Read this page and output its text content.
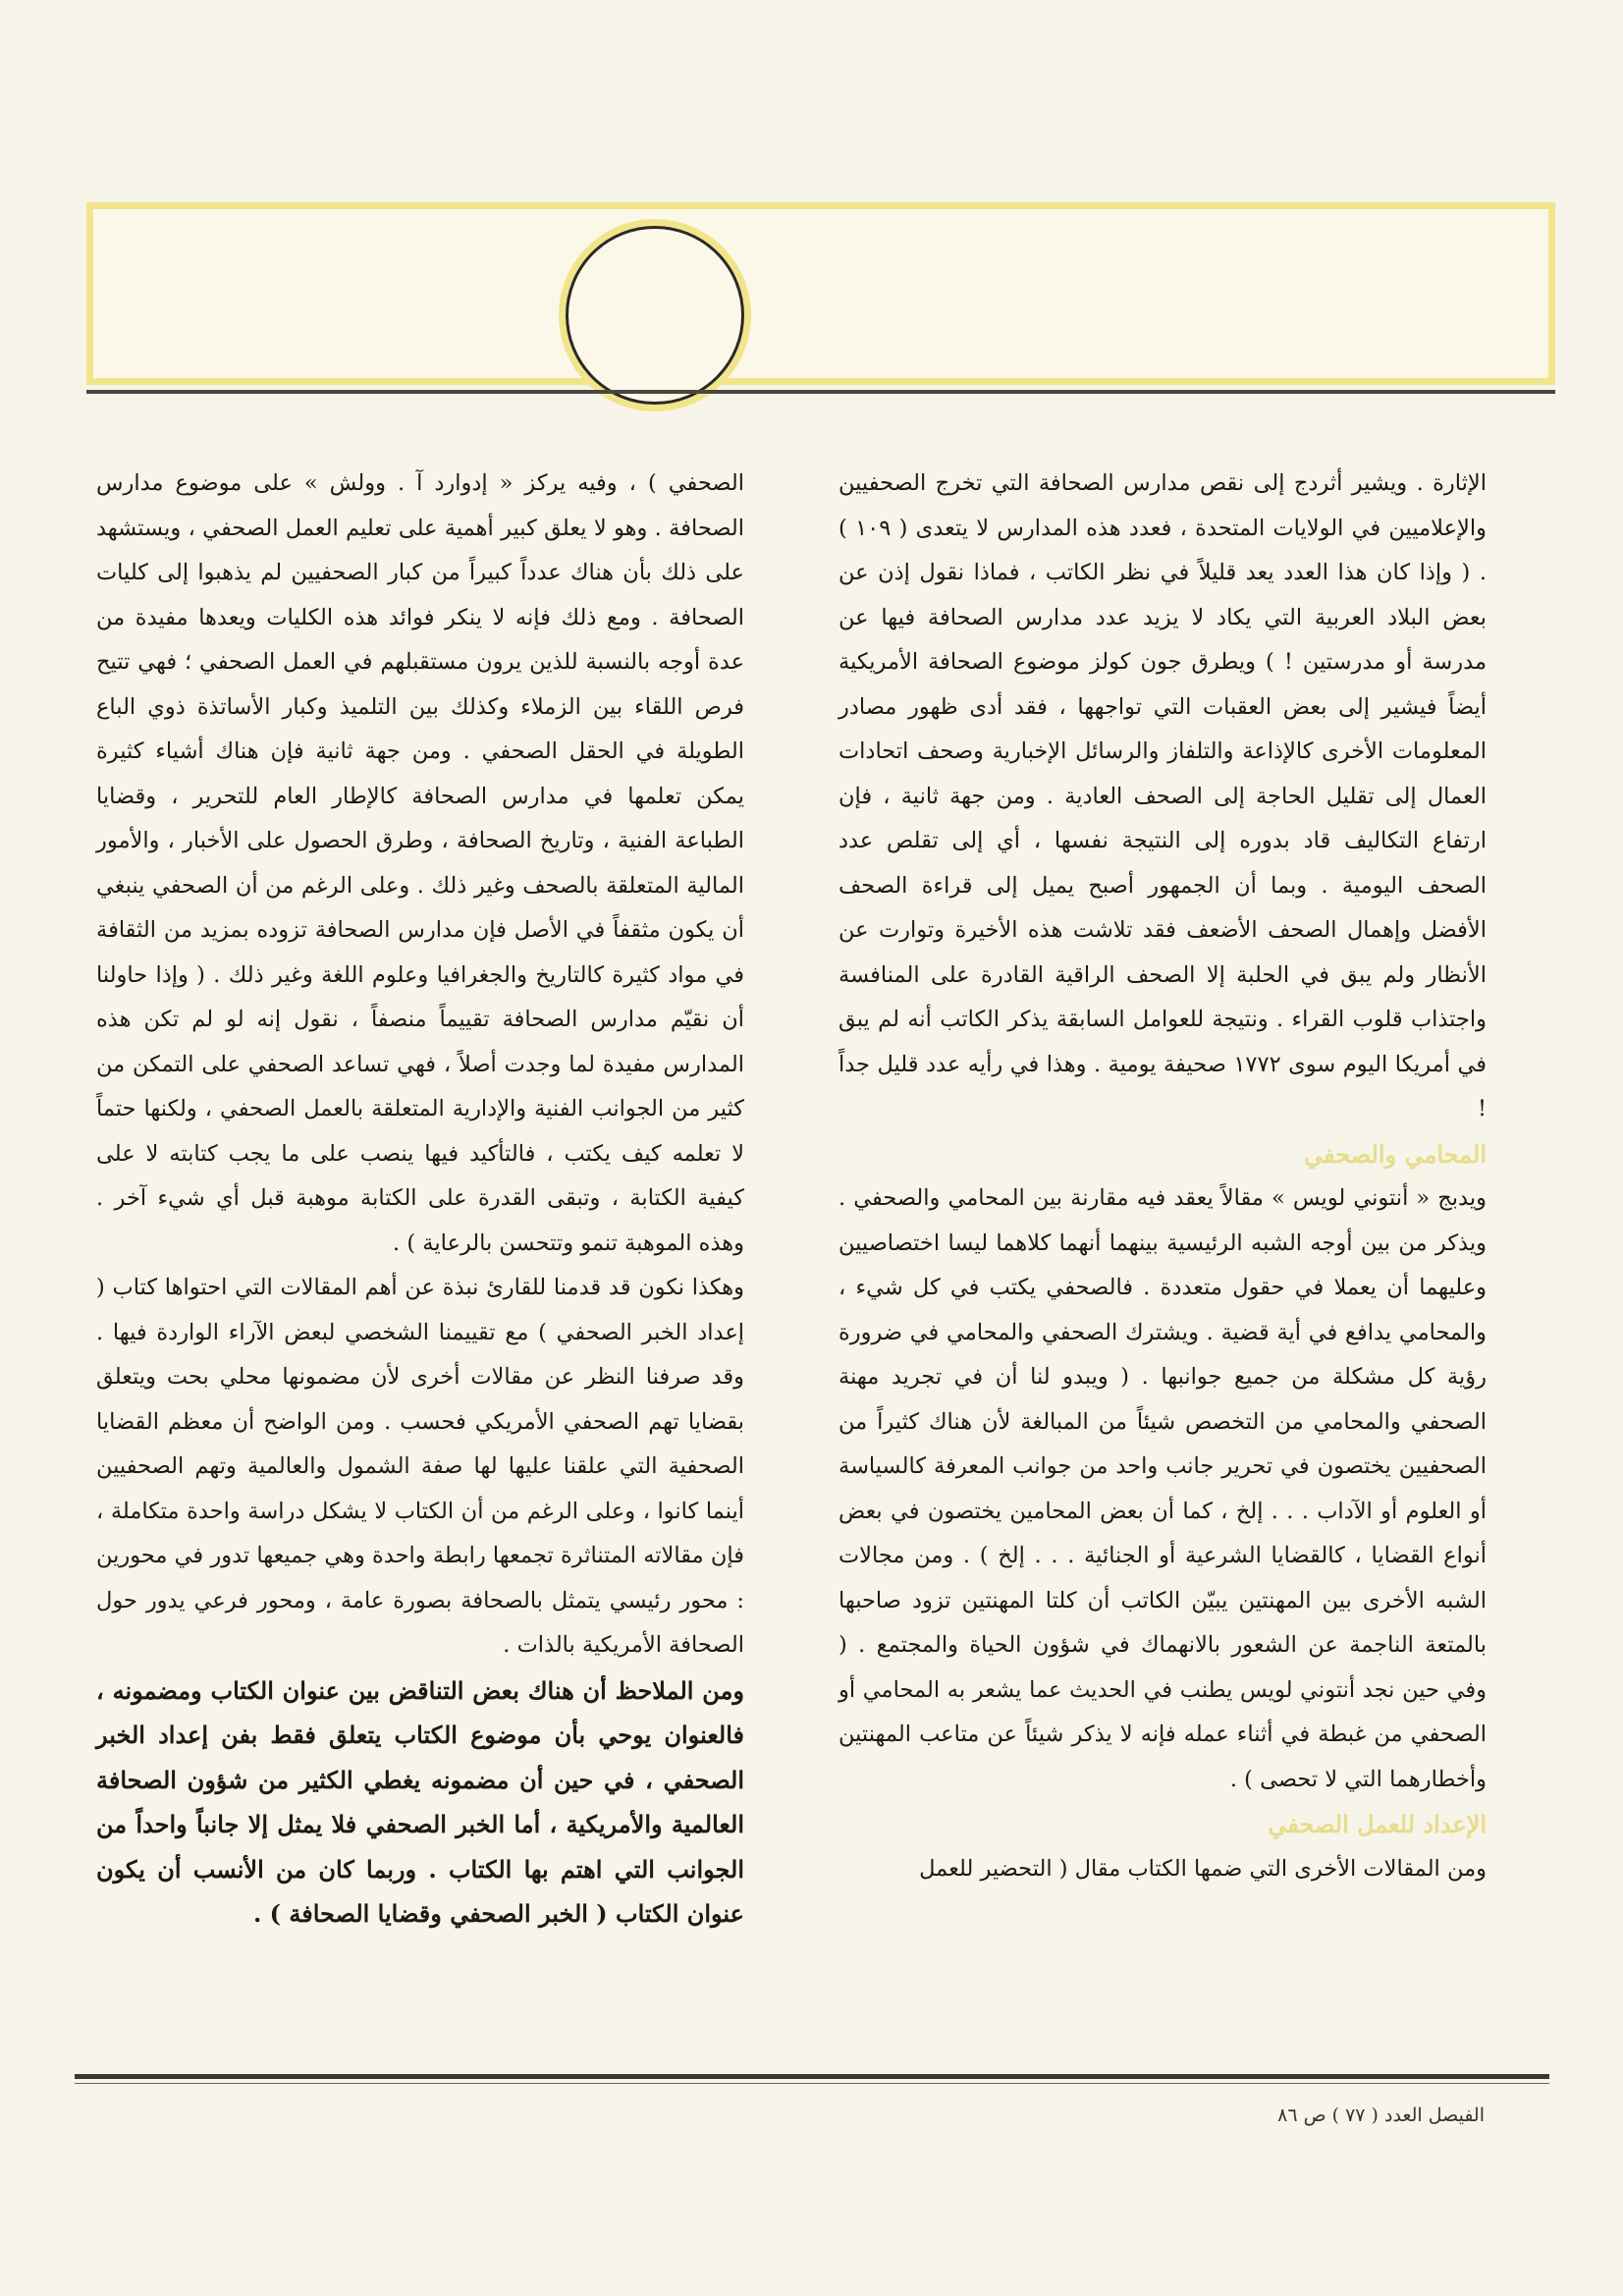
الإثارة . ويشير أثردج إلى نقص مدارس الصحافة التي تخرج الصحفيين والإعلاميين في الولايات المتحدة ، فعدد هذه المدارس لا يتعدى ( ١٠٩ ) . ( وإذا كان هذا العدد يعد قليلاً في نظر الكاتب ، فماذا نقول إذن عن بعض البلاد العربية التي يكاد لا يزيد عدد مدارس الصحافة فيها عن مدرسة أو مدرستين ! ) ويطرق جون كولز موضوع الصحافة الأمريكية أيضاً فيشير إلى بعض العقبات التي تواجهها ، فقد أدى ظهور مصادر المعلومات الأخرى كالإذاعة والتلفاز والرسائل الإخبارية وصحف اتحادات العمال إلى تقليل الحاجة إلى الصحف العادية . ومن جهة ثانية ، فإن ارتفاع التكاليف قاد بدوره إلى النتيجة نفسها ، أي إلى تقلص عدد الصحف اليومية . وبما أن الجمهور أصبح يميل إلى قراءة الصحف الأفضل وإهمال الصحف الأضعف فقد تلاشت هذه الأخيرة وتوارت عن الأنظار ولم يبق في الحلبة إلا الصحف الراقية القادرة على المنافسة واجتذاب قلوب القراء . ونتيجة للعوامل السابقة يذكر الكاتب أنه لم يبق في أمريكا اليوم سوى ١٧٧٢ صحيفة يومية . وهذا في رأيه عدد قليل جداً !

المحامي والصحفي

ويدبج « أنتوني لويس » مقالاً يعقد فيه مقارنة بين المحامي والصحفي . ويذكر من بين أوجه الشبه الرئيسية بينهما أنهما كلاهما ليسا اختصاصيين وعليهما أن يعملا في حقول متعددة . فالصحفي يكتب في كل شيء ، والمحامي يدافع في أية قضية . ويشترك الصحفي والمحامي في ضرورة رؤية كل مشكلة من جميع جوانبها . ( ويبدو لنا أن في تجريد مهنة الصحفي والمحامي من التخصص شيئاً من المبالغة لأن هناك كثيراً من الصحفيين يختصون في تحرير جانب واحد من جوانب المعرفة كالسياسة أو العلوم أو الآداب . . . إلخ ، كما أن بعض المحامين يختصون في بعض أنواع القضايا ، كالقضايا الشرعية أو الجنائية . . . إلخ ) . ومن مجالات الشبه الأخرى بين المهنتين يبيّن الكاتب أن كلتا المهنتين تزود صاحبها بالمتعة الناجمة عن الشعور بالانهماك في شؤون الحياة والمجتمع . ( وفي حين نجد أنتوني لويس يطنب في الحديث عما يشعر به المحامي أو الصحفي من غبطة في أثناء عمله فإنه لا يذكر شيئاً عن متاعب المهنتين وأخطارهما التي لا تحصى ) .

الإعداد للعمل الصحفي

ومن المقالات الأخرى التي ضمها الكتاب مقال ( التحضير للعمل

الصحفي ) ، وفيه يركز « إدوارد آ . وولش » على موضوع مدارس الصحافة . وهو لا يعلق كبير أهمية على تعليم العمل الصحفي ، ويستشهد على ذلك بأن هناك عدداً كبيراً من كبار الصحفيين لم يذهبوا إلى كليات الصحافة . ومع ذلك فإنه لا ينكر فوائد هذه الكليات ويعدها مفيدة من عدة أوجه بالنسبة للذين يرون مستقبلهم في العمل الصحفي ؛ فهي تتيح فرص اللقاء بين الزملاء وكذلك بين التلميذ وكبار الأساتذة ذوي الباع الطويلة في الحقل الصحفي . ومن جهة ثانية فإن هناك أشياء كثيرة يمكن تعلمها في مدارس الصحافة كالإطار العام للتحرير ، وقضايا الطباعة الفنية ، وتاريخ الصحافة ، وطرق الحصول على الأخبار ، والأمور المالية المتعلقة بالصحف وغير ذلك . وعلى الرغم من أن الصحفي ينبغي أن يكون مثقفاً في الأصل فإن مدارس الصحافة تزوده بمزيد من الثقافة في مواد كثيرة كالتاريخ والجغرافيا وعلوم اللغة وغير ذلك . ( وإذا حاولنا أن نقيّم مدارس الصحافة تقييماً منصفاً ، نقول إنه لو لم تكن هذه المدارس مفيدة لما وجدت أصلاً ، فهي تساعد الصحفي على التمكن من كثير من الجوانب الفنية والإدارية المتعلقة بالعمل الصحفي ، ولكنها حتماً لا تعلمه كيف يكتب ، فالتأكيد فيها ينصب على ما يجب كتابته لا على كيفية الكتابة ، وتبقى القدرة على الكتابة موهبة قبل أي شيء آخر . وهذه الموهبة تنمو وتتحسن بالرعاية ) .

وهكذا نكون قد قدمنا للقارئ نبذة عن أهم المقالات التي احتواها كتاب ( إعداد الخبر الصحفي ) مع تقييمنا الشخصي لبعض الآراء الواردة فيها . وقد صرفنا النظر عن مقالات أخرى لأن مضمونها محلي بحت ويتعلق بقضايا تهم الصحفي الأمريكي فحسب . ومن الواضح أن معظم القضايا الصحفية التي علقنا عليها لها صفة الشمول والعالمية وتهم الصحفيين أينما كانوا ، وعلى الرغم من أن الكتاب لا يشكل دراسة واحدة متكاملة ، فإن مقالاته المتناثرة تجمعها رابطة واحدة وهي جميعها تدور في محورين : محور رئيسي يتمثل بالصحافة بصورة عامة ، ومحور فرعي يدور حول الصحافة الأمريكية بالذات .

ومن الملاحظ أن هناك بعض التناقض بين عنوان الكتاب ومضمونه ، فالعنوان يوحي بأن موضوع الكتاب يتعلق فقط بفن إعداد الخبر الصحفي ، في حين أن مضمونه يغطي الكثير من شؤون الصحافة العالمية والأمريكية ، أما الخبر الصحفي فلا يمثل إلا جانباً واحداً من الجوانب التي اهتم بها الكتاب . وربما كان من الأنسب أن يكون عنوان الكتاب ( الخبر الصحفي وقضايا الصحافة ) .

الفيصل العدد ( ٧٧ ) ص ٨٦
